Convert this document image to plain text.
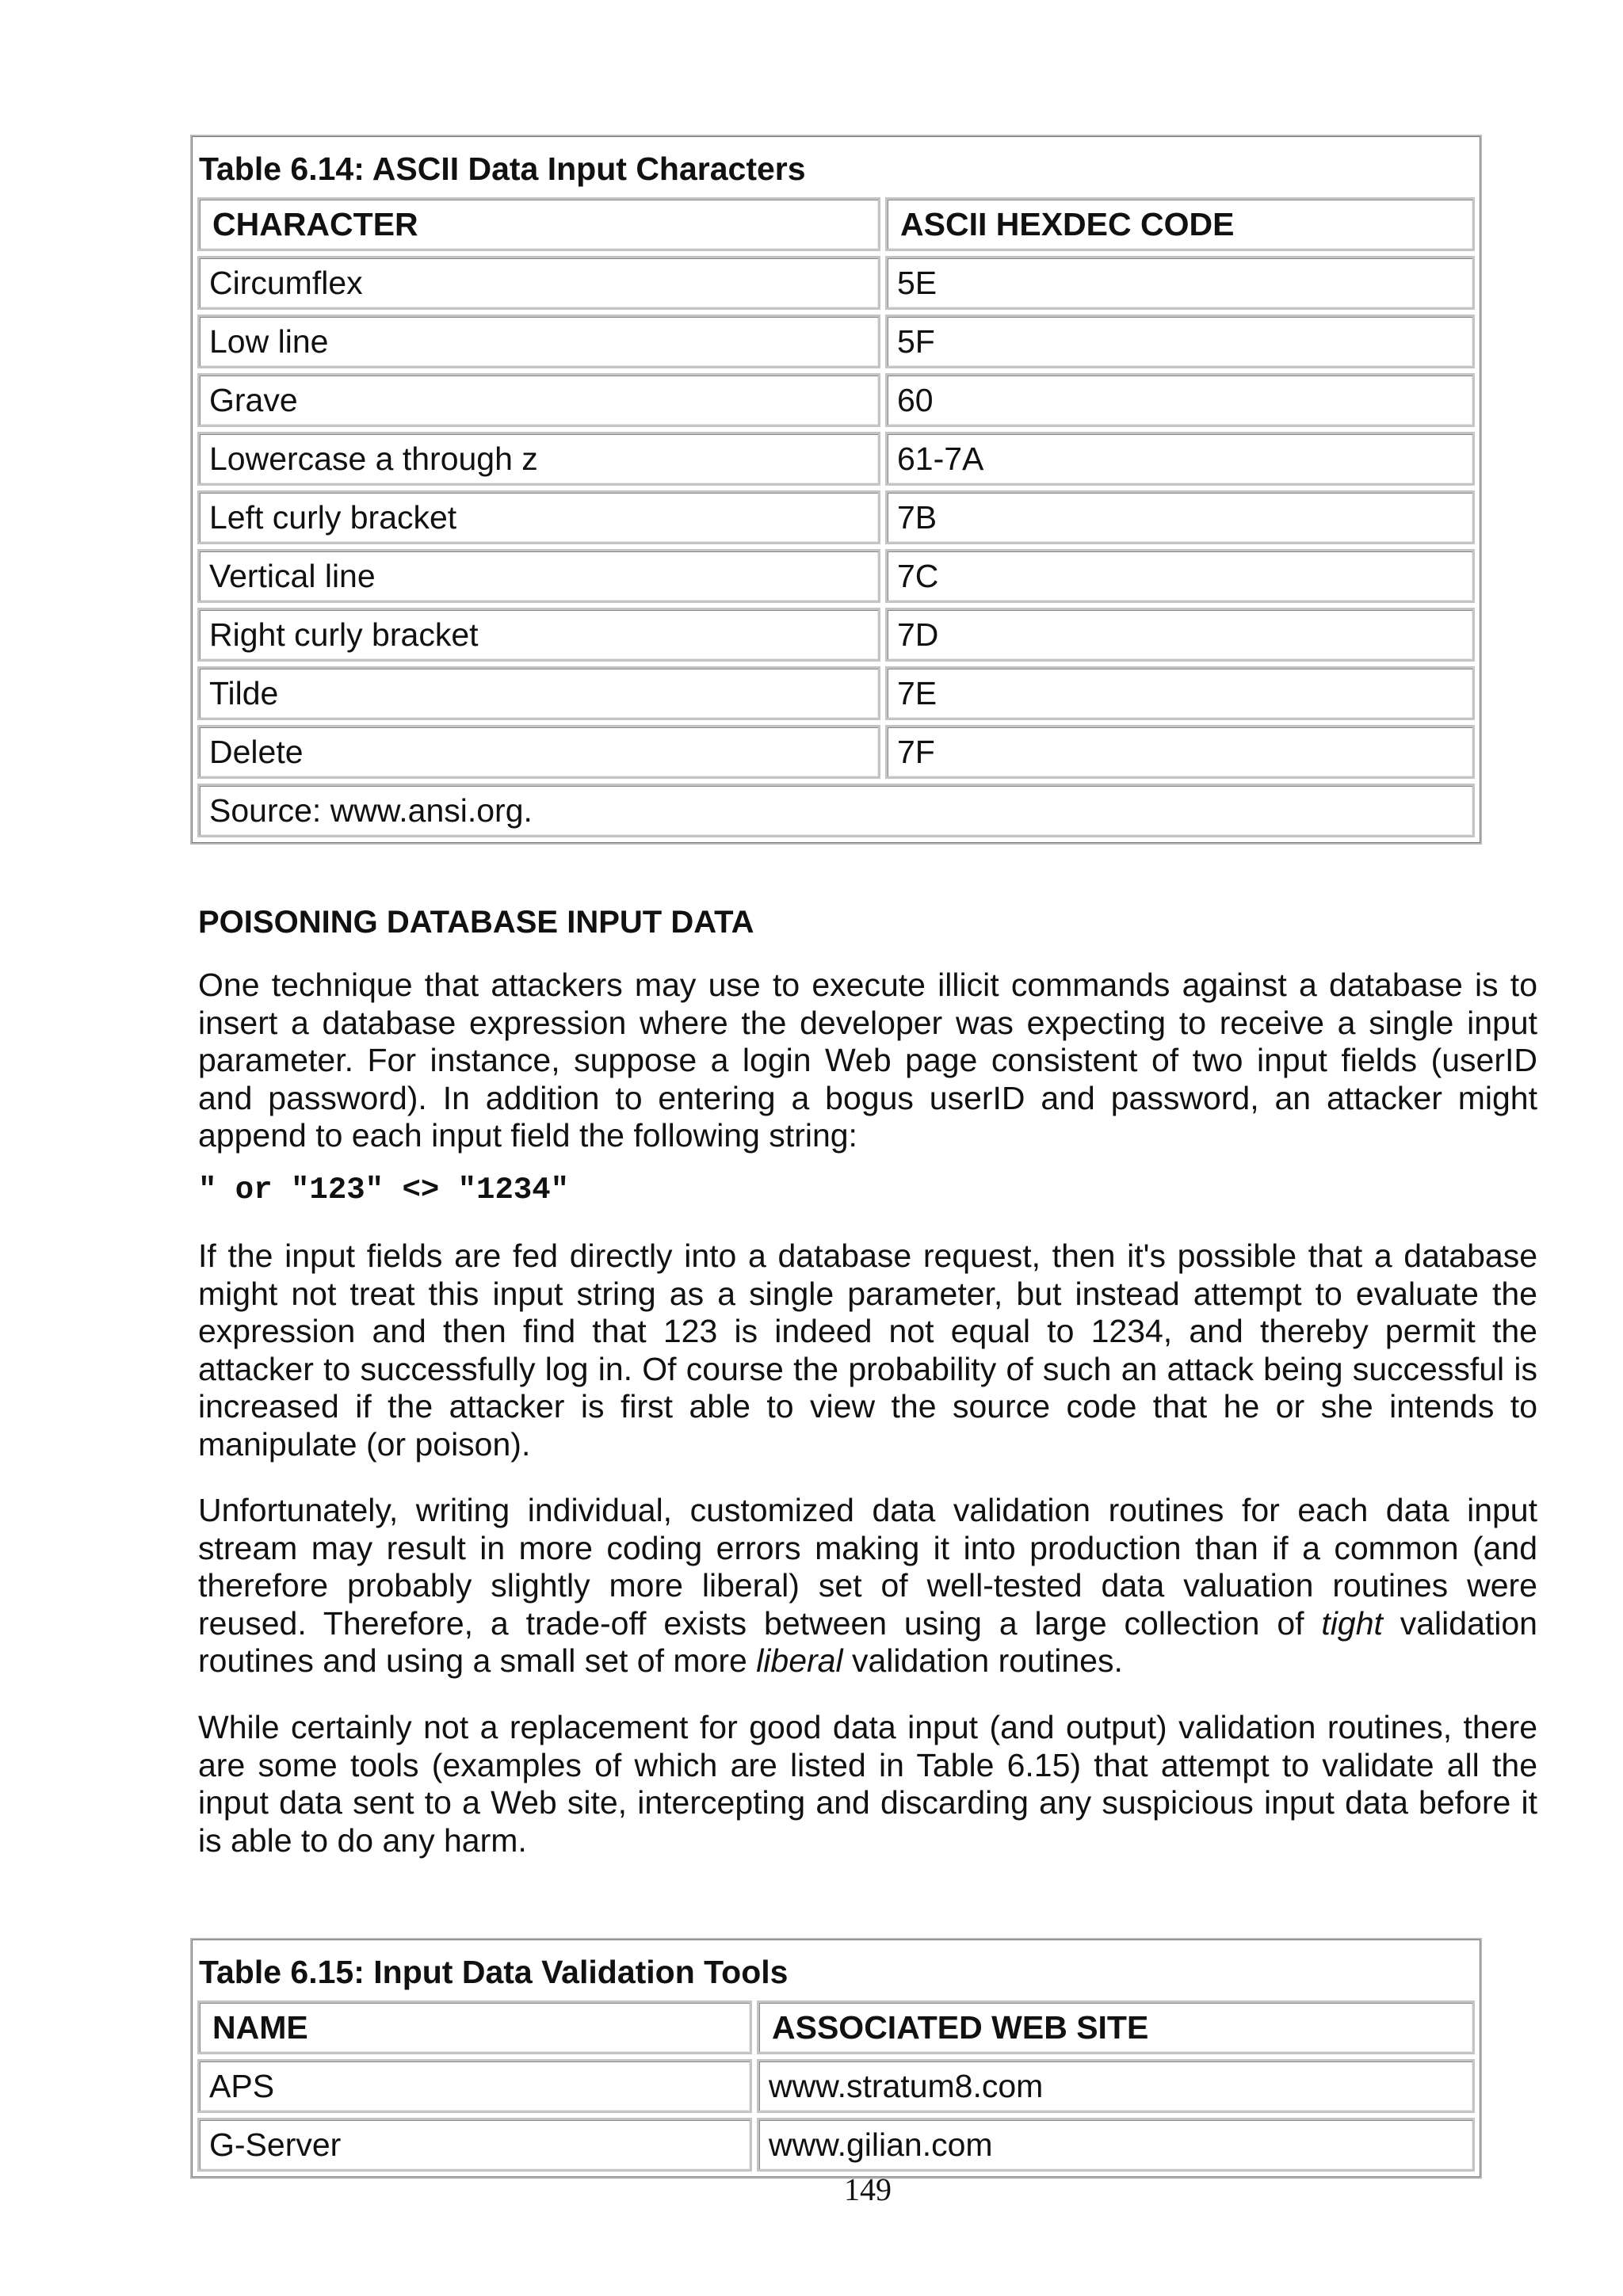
Table 6.14: ASCII Data Input Characters	
CHARACTER	ASCII HEXDEC CODE
Circumflex	5E
Low line	5F
Grave	60
Lowercase a through z	61-7A
Left curly bracket	7B
Vertical line	7C
Right curly bracket	7D
Tilde	7E
Delete	7F
Source: www.ansi.org.	
POISONING DATABASE INPUT DATA
One technique that attackers may use to execute illicit commands against a database is to insert a database expression where the developer was expecting to receive a single input parameter. For instance, suppose a login Web page consistent of two input fields (userID and password). In addition to entering a bogus userID and password, an attacker might append to each input field the following string:
" or "123" <> "1234"
If the input fields are fed directly into a database request, then it's possible that a database might not treat this input string as a single parameter, but instead attempt to evaluate the expression and then find that 123 is indeed not equal to 1234, and thereby permit the attacker to successfully log in. Of course the probability of such an attack being successful is increased if the attacker is first able to view the source code that he or she intends to manipulate (or poison).
Unfortunately, writing individual, customized data validation routines for each data input stream may result in more coding errors making it into production than if a common (and therefore probably slightly more liberal) set of well-tested data valuation routines were reused. Therefore, a trade-off exists between using a large collection of tight validation routines and using a small set of more liberal validation routines.
While certainly not a replacement for good data input (and output) validation routines, there are some tools (examples of which are listed in Table 6.15) that attempt to validate all the input data sent to a Web site, intercepting and discarding any suspicious input data before it is able to do any harm.
Table 6.15: Input Data Validation Tools	
NAME	ASSOCIATED WEB SITE
APS	www.stratum8.com
G-Server	www.gilian.com
149
